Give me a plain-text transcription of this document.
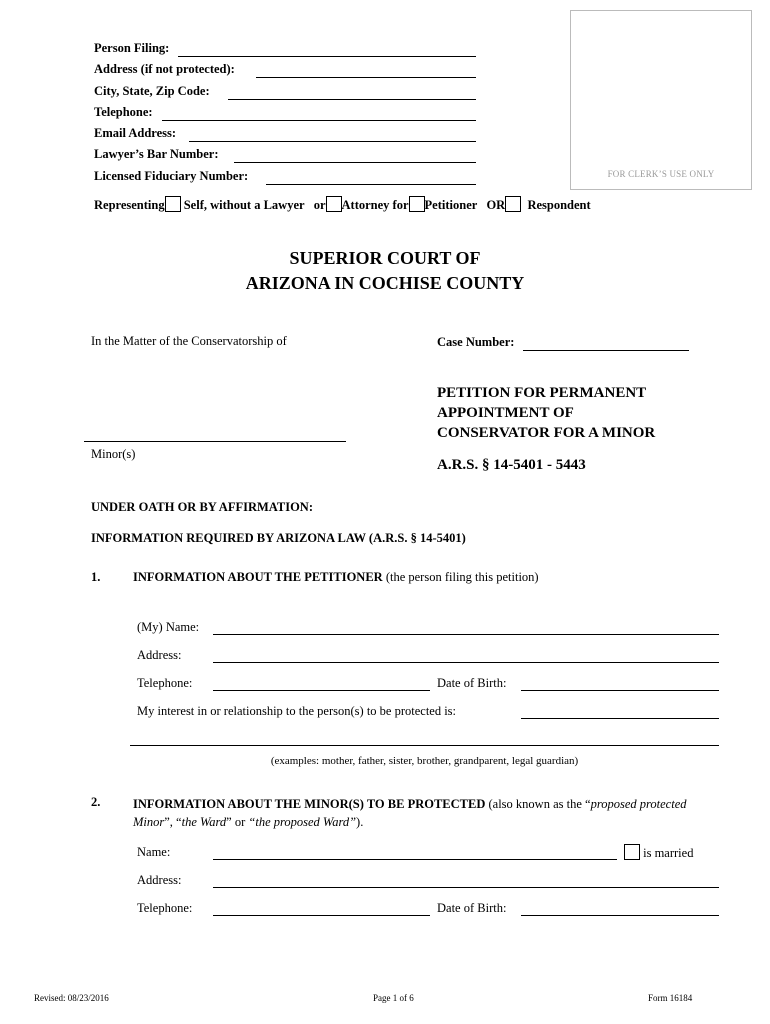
Person Filing:
Address (if not protected):
City, State, Zip Code:
Telephone:
Email Address:
Lawyer’s Bar Number:
Licensed Fiduciary Number:	FOR CLERK’S USE ONLY
Representing Self, without a Lawyer or Attorney for Petitioner OR Respondent
SUPERIOR COURT OF
ARIZONA IN COCHISE COUNTY
In the Matter of the Conservatorship of
Minor(s)
Case Number:
PETITION FOR PERMANENT
APPOINTMENT OF
CONSERVATOR FOR A MINOR
A.R.S. § 14-5401 - 5443
UNDER OATH OR BY AFFIRMATION:
INFORMATION REQUIRED BY ARIZONA LAW (A.R.S. § 14-5401)
1.	INFORMATION ABOUT THE PETITIONER (the person filing this petition)
(My) Name:
Address:
Telephone:	Date of Birth:
My interest in or relationship to the person(s) to be protected is:
(examples: mother, father, sister, brother, grandparent, legal guardian)
2.	INFORMATION ABOUT THE MINOR(S) TO BE PROTECTED (also known as the “proposed protected Minor”, “the Ward” or “the proposed Ward”).
Name:	is married
Address:
Telephone:	Date of Birth:
Revised: 08/23/2016	Page 1 of 6	Form 16184
